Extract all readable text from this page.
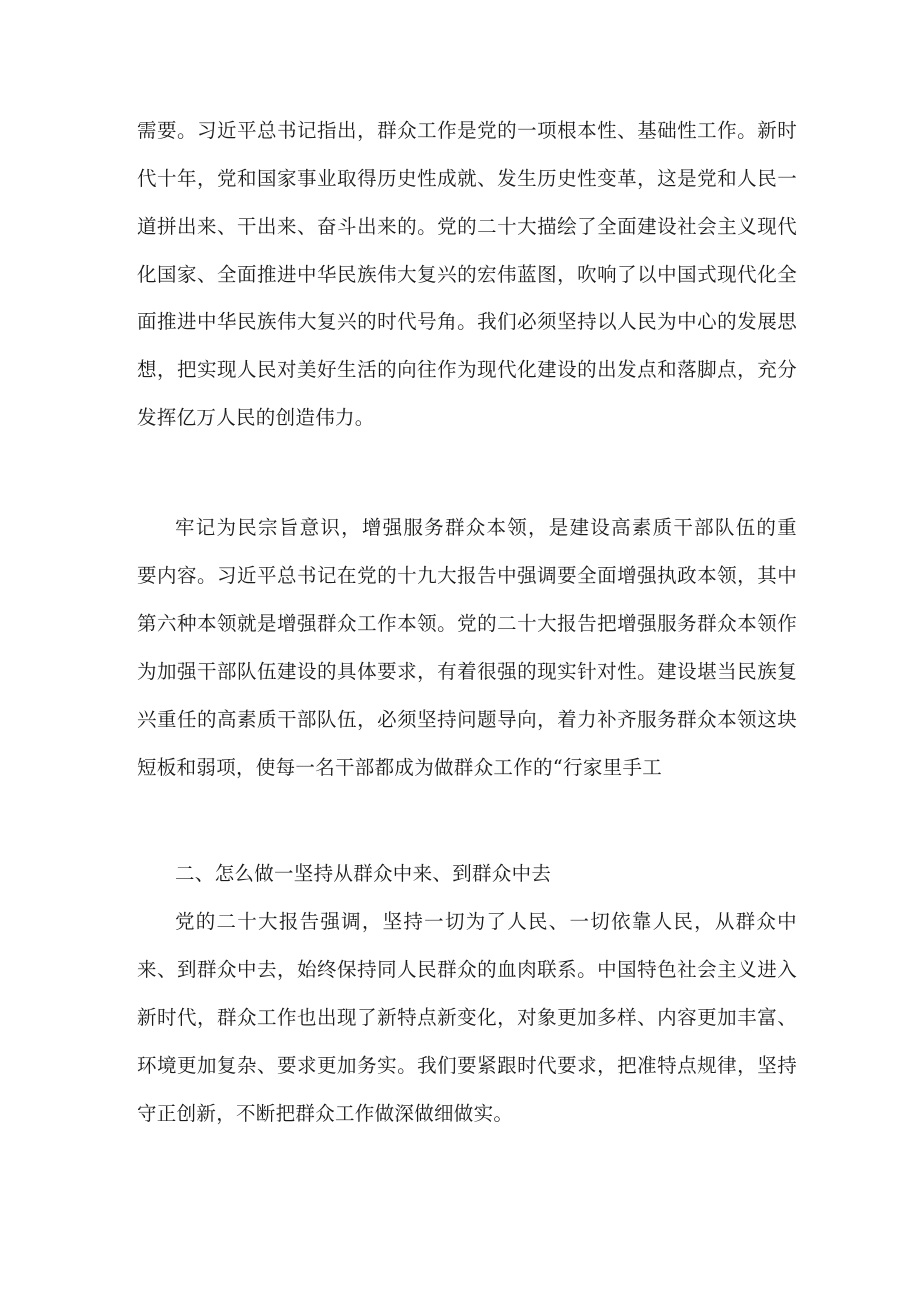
需要。习近平总书记指出，群众工作是党的一项根本性、基础性工作。新时
代十年，党和国家事业取得历史性成就、发生历史性变革，这是党和人民一
道拼出来、干出来、奋斗出来的。党的二十大描绘了全面建设社会主义现代
化国家、全面推进中华民族伟大复兴的宏伟蓝图，吹响了以中国式现代化全
面推进中华民族伟大复兴的时代号角。我们必须坚持以人民为中心的发展思
想，把实现人民对美好生活的向往作为现代化建设的出发点和落脚点，充分
发挥亿万人民的创造伟力。
牢记为民宗旨意识，增强服务群众本领，是建设高素质干部队伍的重
要内容。习近平总书记在党的十九大报告中强调要全面增强执政本领，其中
第六种本领就是增强群众工作本领。党的二十大报告把增强服务群众本领作
为加强干部队伍建设的具体要求，有着很强的现实针对性。建设堪当民族复
兴重任的高素质干部队伍，必须坚持问题导向，着力补齐服务群众本领这块
短板和弱项，使每一名干部都成为做群众工作的“行家里手工
二、怎么做一坚持从群众中来、到群众中去
党的二十大报告强调，坚持一切为了人民、一切依靠人民，从群众中
来、到群众中去，始终保持同人民群众的血肉联系。中国特色社会主义进入
新时代，群众工作也出现了新特点新变化，对象更加多样、内容更加丰富、
环境更加复杂、要求更加务实。我们要紧跟时代要求，把准特点规律，坚持
守正创新，不断把群众工作做深做细做实。
